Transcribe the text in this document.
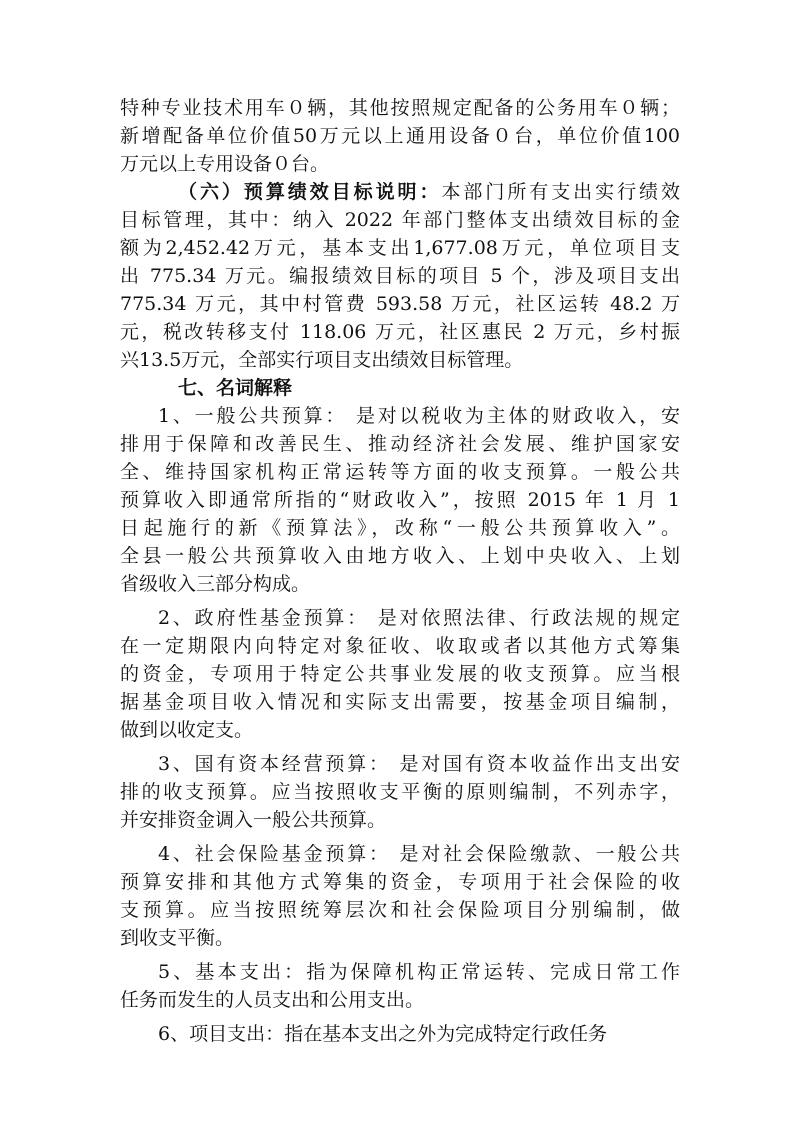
特种专业技术用车０辆，其他按照规定配备的公务用车０辆；
新增配备单位价值50万元以上通用设备０台，单位价值100
万元以上专用设备０台。
（六）预算绩效目标说明：本部门所有支出实行绩效
目标管理，其中：纳入 2022 年部门整体支出绩效目标的金
额为2,452.42万元，基本支出1,677.08万元，单位项目支
出 775.34 万元。编报绩效目标的项目 5 个，涉及项目支出
775.34 万元，其中村管费 593.58 万元，社区运转 48.2 万
元，税改转移支付 118.06 万元，社区惠民 2 万元，乡村振
兴13.5万元，全部实行项目支出绩效目标管理。
七、名词解释
1、一般公共预算： 是对以税收为主体的财政收入，安
排用于保障和改善民生、推动经济社会发展、维护国家安
全、维持国家机构正常运转等方面的收支预算。一般公共
预算收入即通常所指的“财政收入”，按照 2015 年 1 月 1
日起施行的新《预算法》，改称“一般公共预算收入”。
全县一般公共预算收入由地方收入、上划中央收入、上划
省级收入三部分构成。
2、政府性基金预算： 是对依照法律、行政法规的规定
在一定期限内向特定对象征收、收取或者以其他方式筹集
的资金，专项用于特定公共事业发展的收支预算。应当根
据基金项目收入情况和实际支出需要，按基金项目编制，
做到以收定支。
3、国有资本经营预算： 是对国有资本收益作出支出安
排的收支预算。应当按照收支平衡的原则编制，不列赤字，
并安排资金调入一般公共预算。
4、社会保险基金预算： 是对社会保险缴款、一般公共
预算安排和其他方式筹集的资金，专项用于社会保险的收
支预算。应当按照统筹层次和社会保险项目分别编制，做
到收支平衡。
5、基本支出：指为保障机构正常运转、完成日常工作
任务而发生的人员支出和公用支出。
6、项目支出：指在基本支出之外为完成特定行政任务
